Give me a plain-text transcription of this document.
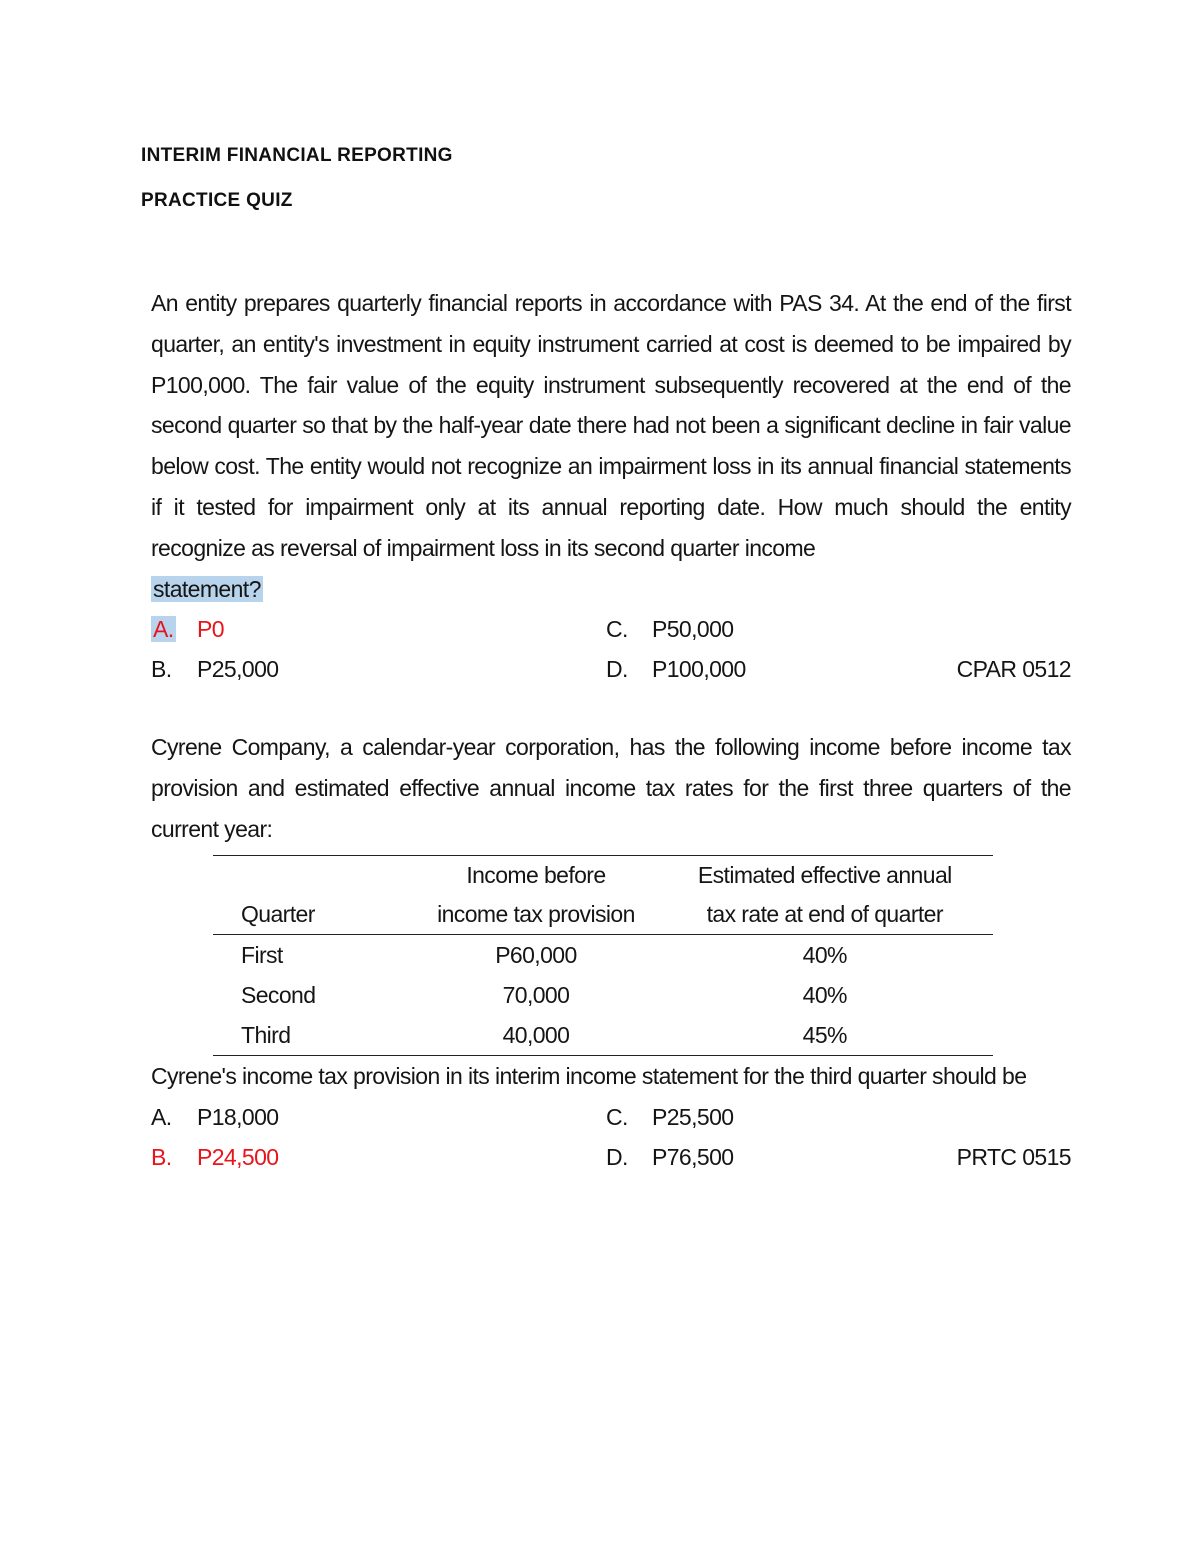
INTERIM FINANCIAL REPORTING
PRACTICE QUIZ

An entity prepares quarterly financial reports in accordance with PAS 34. At the end of the first quarter, an entity's investment in equity instrument carried at cost is deemed to be impaired by P100,000. The fair value of the equity instrument subsequently recovered at the end of the second quarter so that by the half-year date there had not been a significant decline in fair value below cost. The entity would not recognize an impairment loss in its annual financial statements if it tested for impairment only at its annual reporting date. How much should the entity recognize as reversal of impairment loss in its second quarter income

statement?
A. P0	C. P50,000
B. P25,000	D. P100,000	CPAR 0512

Cyrene Company, a calendar-year corporation, has the following income before income tax provision and estimated effective annual income tax rates for the first three quarters of the current year:

	Income before	Estimated effective annual
Quarter	income tax provision	tax rate at end of quarter
First	P60,000	40%
Second	70,000	40%
Third	40,000	45%
Cyrene's income tax provision in its interim income statement for the third quarter should be
A. P18,000	C. P25,500
B. P24,500	D. P76,500	PRTC 0515
